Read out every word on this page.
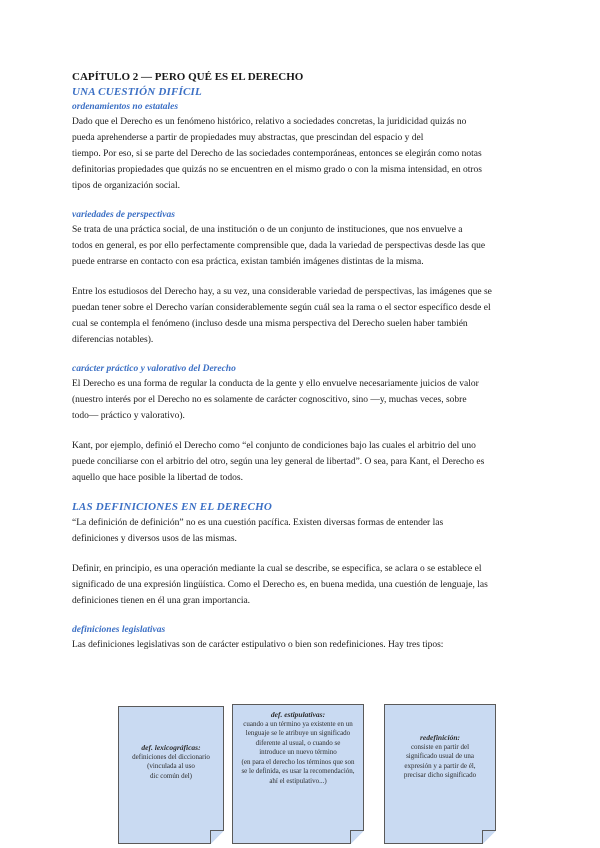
CAPÍTULO 2 — PERO QUÉ ES EL DERECHO
UNA CUESTIÓN DIFÍCIL
ordenamientos no estatales

Dado que el Derecho es un fenómeno histórico, relativo a sociedades concretas, la juridicidad quizás no
pueda aprehenderse a partir de propiedades muy abstractas, que prescindan del espacio y del
tiempo. Por eso, si se parte del Derecho de las sociedades contemporáneas, entonces se elegirán como notas
definitorias propiedades que quizás no se encuentren en el mismo grado o con la misma intensidad, en otros
tipos de organización social.

variedades de perspectivas

Se trata de una práctica social, de una institución o de un conjunto de instituciones, que nos envuelve a
todos en general, es por ello perfectamente comprensible que, dada la variedad de perspectivas desde las que
puede entrarse en contacto con esa práctica, existan también imágenes distintas de la misma.

Entre los estudiosos del Derecho hay, a su vez, una considerable variedad de perspectivas, las imágenes que se
puedan tener sobre el Derecho varían considerablemente según cuál sea la rama o el sector específico desde el
cual se contempla el fenómeno (incluso desde una misma perspectiva del Derecho suelen haber también
diferencias notables).

carácter práctico y valorativo del Derecho

El Derecho es una forma de regular la conducta de la gente y ello envuelve necesariamente juicios de valor
(nuestro interés por el Derecho no es solamente de carácter cognoscitivo, sino —y, muchas veces, sobre
todo— práctico y valorativo).

Kant, por ejemplo, definió el Derecho como “el conjunto de condiciones bajo las cuales el arbitrio del uno
puede conciliarse con el arbitrio del otro, según una ley general de libertad”. O sea, para Kant, el Derecho es
aquello que hace posible la libertad de todos.

LAS DEFINICIONES EN EL DERECHO

“La definición de definición” no es una cuestión pacífica. Existen diversas formas de entender las
definiciones y diversos usos de las mismas.

Definir, en principio, es una operación mediante la cual se describe, se especifica, se aclara o se establece el
significado de una expresión lingüística. Como el Derecho es, en buena medida, una cuestión de lenguaje, las
definiciones tienen en él una gran importancia.

definiciones legislativas

Las definiciones legislativas son de carácter estipulativo o bien son redefiniciones. Hay tres tipos:

def. lexicográficas:
definiciones del diccionario
(vinculada al uso
dic común del)
def. estipulativas:
cuando a un término ya existente en un
lenguaje se le atribuye un significado
diferente al usual, o cuando se
introduce un nuevo término
(en para el derecho los términos que son
se le definida, es usar la recomendación,
ahí el estipulativo...)
redefinición:
consiste en partir del
significado usual de una
expresión y a partir de él,
precisar dicho significado
